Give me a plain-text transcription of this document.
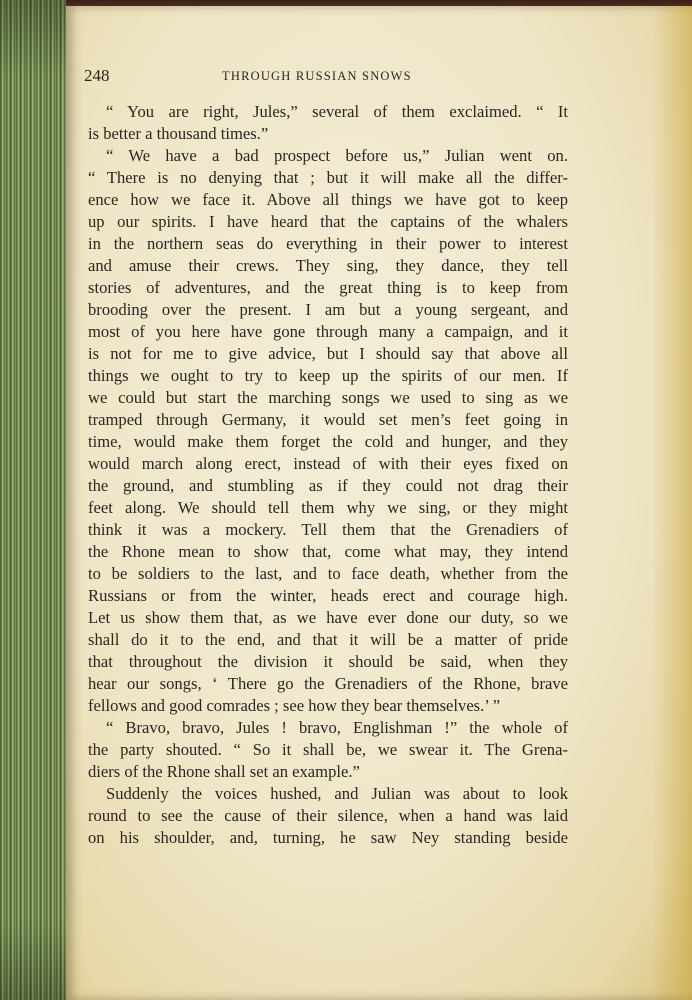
248	THROUGH RUSSIAN SNOWS
“ You are right, Jules,” several of them exclaimed. “ It
is better a thousand times.”
“ We have a bad prospect before us,” Julian went on.
“ There is no denying that ; but it will make all the differ-
ence how we face it. Above all things we have got to keep
up our spirits. I have heard that the captains of the whalers
in the northern seas do everything in their power to interest
and amuse their crews. They sing, they dance, they tell
stories of adventures, and the great thing is to keep from
brooding over the present. I am but a young sergeant, and
most of you here have gone through many a campaign, and it
is not for me to give advice, but I should say that above all
things we ought to try to keep up the spirits of our men. If
we could but start the marching songs we used to sing as we
tramped through Germany, it would set men’s feet going in
time, would make them forget the cold and hunger, and they
would march along erect, instead of with their eyes fixed on
the ground, and stumbling as if they could not drag their
feet along. We should tell them why we sing, or they might
think it was a mockery. Tell them that the Grenadiers of
the Rhone mean to show that, come what may, they intend
to be soldiers to the last, and to face death, whether from the
Russians or from the winter, heads erect and courage high.
Let us show them that, as we have ever done our duty, so we
shall do it to the end, and that it will be a matter of pride
that throughout the division it should be said, when they
hear our songs, ‘ There go the Grenadiers of the Rhone, brave
fellows and good comrades ; see how they bear themselves.’ ”
“ Bravo, bravo, Jules ! bravo, Englishman !” the whole of
the party shouted. “ So it shall be, we swear it. The Grena-
diers of the Rhone shall set an example.”
Suddenly the voices hushed, and Julian was about to look
round to see the cause of their silence, when a hand was laid
on his shoulder, and, turning, he saw Ney standing beside
